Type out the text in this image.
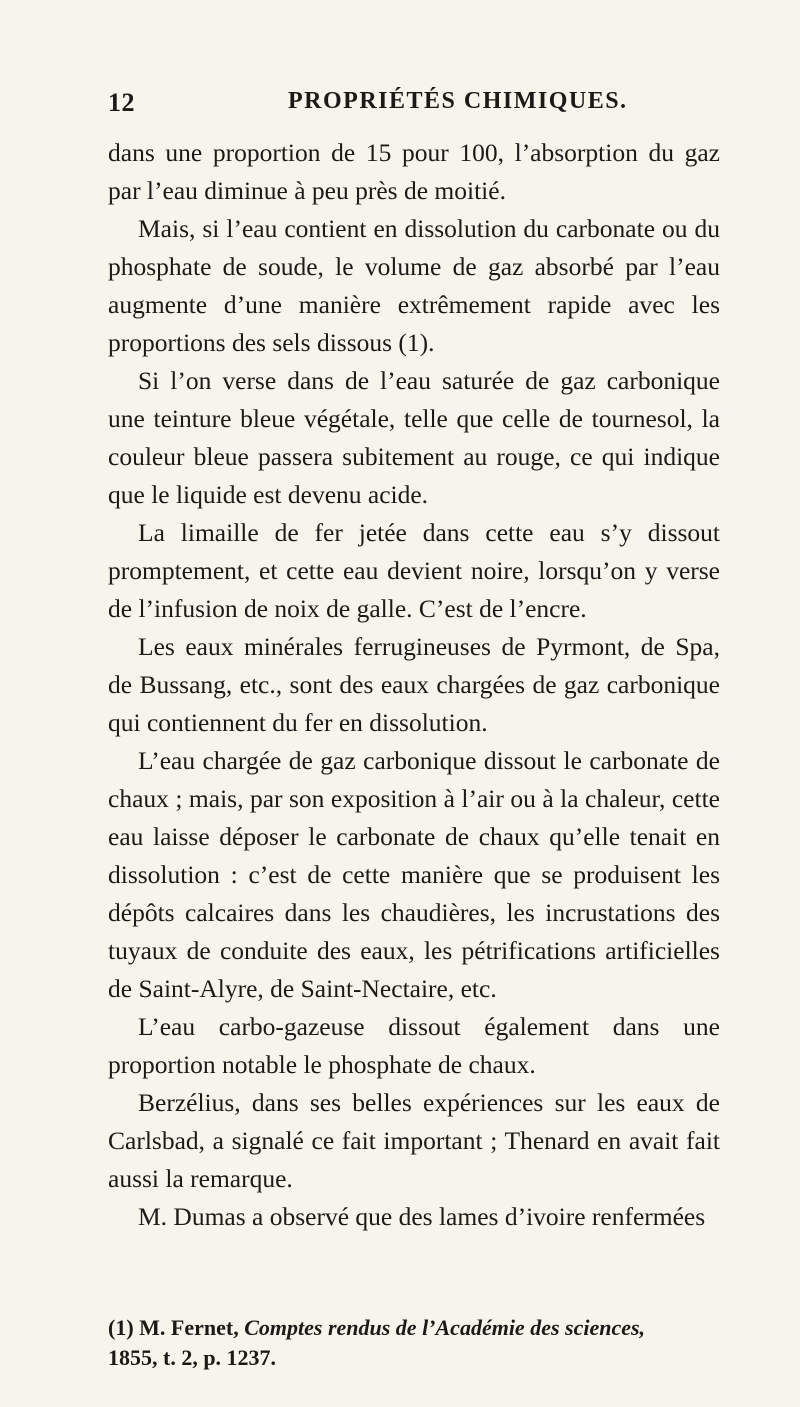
12	PROPRIÉTÉS CHIMIQUES.

dans une proportion de 15 pour 100, l’absorption du gaz par l’eau diminue à peu près de moitié.

Mais, si l’eau contient en dissolution du carbonate ou du phosphate de soude, le volume de gaz absorbé par l’eau augmente d’une manière extrêmement rapide avec les proportions des sels dissous (1).

Si l’on verse dans de l’eau saturée de gaz carbonique une teinture bleue végétale, telle que celle de tournesol, la couleur bleue passera subitement au rouge, ce qui indique que le liquide est devenu acide.

La limaille de fer jetée dans cette eau s’y dissout promptement, et cette eau devient noire, lorsqu’on y verse de l’infusion de noix de galle. C’est de l’encre.

Les eaux minérales ferrugineuses de Pyrmont, de Spa, de Bussang, etc., sont des eaux chargées de gaz carbonique qui contiennent du fer en dissolution.

L’eau chargée de gaz carbonique dissout le carbonate de chaux ; mais, par son exposition à l’air ou à la chaleur, cette eau laisse déposer le carbonate de chaux qu’elle tenait en dissolution : c’est de cette manière que se produisent les dépôts calcaires dans les chaudières, les incrustations des tuyaux de conduite des eaux, les pétrifications artificielles de Saint-Alyre, de Saint-Nectaire, etc.

L’eau carbo-gazeuse dissout également dans une proportion notable le phosphate de chaux.

Berzélius, dans ses belles expériences sur les eaux de Carlsbad, a signalé ce fait important ; Thenard en avait fait aussi la remarque.

M. Dumas a observé que des lames d’ivoire renfermées

(1) M. Fernet, Comptes rendus de l’Académie des sciences,
1855, t. 2, p. 1237.
